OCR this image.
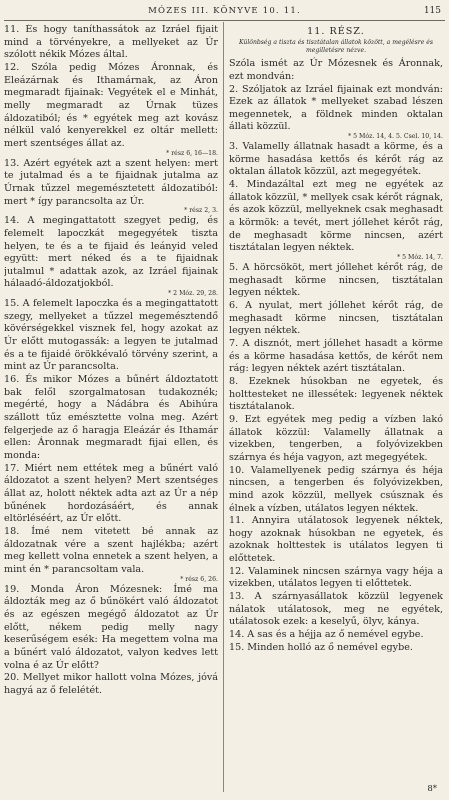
MÓZES III. KÖNYVE 10. 11.	115

11. És hogy taníthassátok az Izráel fijait mind a törvényekre, a mellyeket az Úr szólott nékik Mózes által.

12. Szóla pedig Mózes Áronnak, és Eleázárnak és Ithamárnak, az Áron megmaradt fijainak: Vegyétek el e Minhát, melly megmaradt az Úrnak tüzes áldozatiból; és * egyétek meg azt kovász nélkül való kenyerekkel ez oltár mellett: mert szentséges állat az.

* rész 6, 16—18.

13. Azért egyétek azt a szent helyen: mert te jutalmad és a te fijaidnak jutalma az Úrnak tűzzel megemésztetett áldozatiból: mert * így parancsolta az Úr.

* rész 2, 3.

14. A megingattatott szegyet pedig, és felemelt lapoczkát megegyétek tiszta helyen, te és a te fijaid és leányid veled együtt: mert néked és a te fijaidnak jutalmul * adattak azok, az Izráel fijainak hálaadó-áldozatjokból.

* 2 Móz. 29, 28.

15. A felemelt lapoczka és a megingattatott szegy, mellyeket a tűzzel megemésztendő kövérségekkel visznek fel, hogy azokat az Úr előtt mutogassák: a legyen te jutalmad és a te fijaidé örökkévaló törvény szerint, a mint az Úr parancsolta.

16. És mikor Mózes a bűnért áldoztatott bak felől szorgalmatosan tudakoznék; megérté, hogy a Nádábra és Abihúra szállott tűz emésztette volna meg. Azért felgerjede az ő haragja Eleázár és Ithamár ellen: Áronnak megmaradt fijai ellen, és monda:

17. Miért nem ettétek meg a bűnért való áldozatot a szent helyen? Mert szentséges állat az, holott néktek adta azt az Úr a nép bűnének hordozásáért, és annak eltörléséért, az Úr előtt.

18. Ímé nem vitetett bé annak az áldozatnak vére a szent hajlékba; azért meg kellett volna ennetek a szent helyen, a mint én * parancsoltam vala.

* rész 6, 26.

19. Monda Áron Mózesnek: Ímé ma áldozták meg az ő bűnökért való áldozatot és az egészen megégő áldozatot az Úr előtt, nékem pedig melly nagy keserűségem esék: Ha megettem volna ma a bűnért való áldozatot, valyon kedves lett volna é az Úr előtt?

20. Mellyet mikor hallott volna Mózes, jóvá hagyá az ő felelétét.

11. RÉSZ.
Különbség a tiszta és tisztátalan állatok között, a megélésre és megilletésre nézve.

Szóla ismét az Úr Mózesnek és Áronnak, ezt mondván:

2. Szóljatok az Izráel fijainak ezt mondván: Ezek az állatok * mellyeket szabad lészen megennetek, a földnek minden oktalan állati közzül.

* 5 Móz. 14, 4. 5. Csel. 10, 14.

3. Valamelly állatnak hasadt a körme, és a körme hasadása kettős és kérőt rág az oktalan állatok közzül, azt megegyétek.

4. Mindazáltal ezt meg ne egyétek az állatok közzül, * mellyek csak kérőt rágnak, és azok közzül, mellyeknek csak meghasadt a körmök: a tevét, mert jóllehet kérőt rág, de meghasadt körme nincsen, azért tisztátalan legyen néktek.

* 5 Móz. 14, 7.

5. A hörcsököt, mert jóllehet kérőt rág, de meghasadt körme nincsen, tisztátalan legyen néktek.

6. A nyulat, mert jóllehet kérőt rág, de meghasadt körme nincsen, tisztátalan legyen néktek.

7. A disznót, mert jóllehet hasadt a körme és a körme hasadása kettős, de kérőt nem rág: legyen néktek azért tisztátalan.

8. Ezeknek húsokban ne egyetek, és holttesteket ne illessétek: legyenek néktek tisztátalanok.

9. Ezt egyétek meg pedig a vízben lakó állatok közzül: Valamelly állatnak a vizekben, tengerben, a folyóvizekben szárnya és héja vagyon, azt megegyétek.

10. Valamellyenek pedig szárnya és héja nincsen, a tengerben és folyóvizekben, mind azok közzül, mellyek csúsznak és élnek a vízben, utálatos legyen néktek.

11. Annyira utálatosok legyenek néktek, hogy azoknak húsokban ne egyetek, és azoknak holttestek is utálatos legyen ti előttetek.

12. Valaminek nincsen szárnya vagy héja a vizekben, utálatos legyen ti előttetek.

13. A szárnyasállatok közzül legyenek nálatok utálatosok, meg ne egyétek, utálatosok ezek: a keselyű, ölyv, kánya.

14. A sas és a héjja az ő nemével egybe.

15. Minden holló az ő nemével egybe.

8*
